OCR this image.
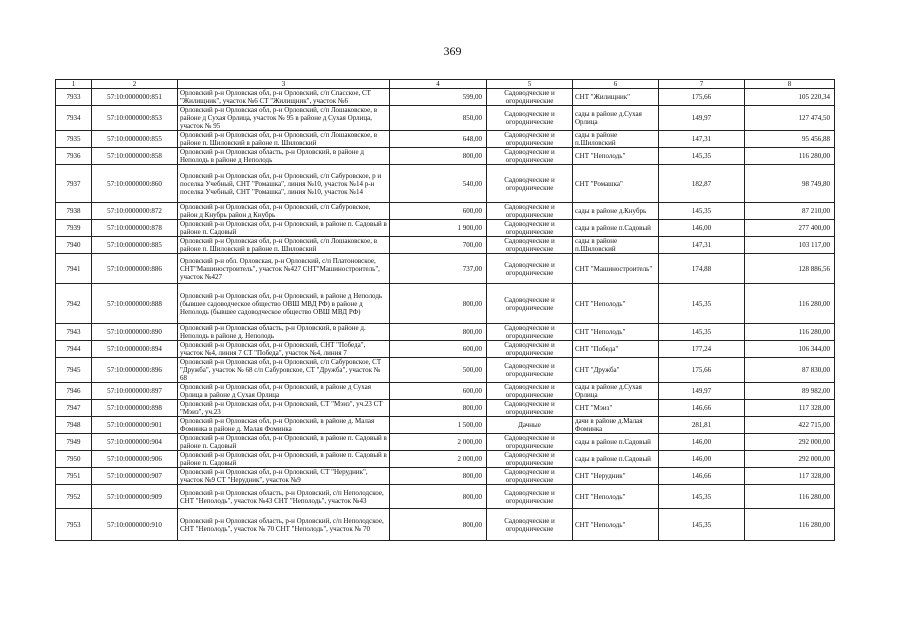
369
1	2	3	4	5	6	7	8
7933	57:10:0000000:851	Орловский р-н Орловская обл, р-н Орловский, с/п Спасское, СТ "Жилищник", участок №6 СТ "Жилищник", участок №6	599,00	Садоводческие и огороднические	СНТ "Жилищник"	175,66	105 220,34
7934	57:10:0000000:853	Орловский р-н Орловская обл, р-н Орловский, с/п Лошаковское, в районе д Сухая Орлица, участок № 95 в районе д Сухая Орлица, участок № 95	850,00	Садоводческие и огороднические	сады в районе д.Сухая Орлица	149,97	127 474,50
7935	57:10:0000000:855	Орловский р-н Орловская обл, р-н Орловский, с/п Лошаковское, в районе п. Шиловский в районе п. Шиловский	648,00	Садоводческие и огороднические	сады в районе п.Шиловский	147,31	95 456,88
7936	57:10:0000000:858	Орловский р-н Орловская область, р-н Орловский, в районе д Неполодь в районе д Неполодь	800,00	Садоводческие и огороднические	СНТ "Неполодь"	145,35	116 280,00
7937	57:10:0000000:860	Орловский р-н Орловская обл, р-н Орловский, с/п Сабуровское, р и поселка Учебный, СНТ "Ромашка", линия №10, участок №14 р-н поселка Учебный, СНТ "Ромашка", линия №10, участок №14	540,00	Садоводческие и огороднические	СНТ "Ромашка"	182,87	98 749,80
7938	57:10:0000000:872	Орловский р-н Орловская обл, р-н Орловский, с/п Сабуровское, район д Кнубрь район д Кнубрь	600,00	Садоводческие и огороднические	сады в районе д.Кнубрь	145,35	87 210,00
7939	57:10:0000000:878	Орловский р-н Орловская обл, р-н Орловский, в районе п. Садовый в районе п. Садовый	1 900,00	Садоводческие и огороднические	сады в районе п.Садовый	146,00	277 400,00
7940	57:10:0000000:885	Орловский р-н Орловская обл, р-н Орловский, с/п Лошаковское, в районе п. Шиловский в районе п. Шиловский	700,00	Садоводческие и огороднические	сады в районе п.Шиловский	147,31	103 117,00
7941	57:10:0000000:886	Орловский р-н обл. Орловская, р-н Орловский, с/п Платоновское, СНТ"Машиностроитель", участок №427 СНТ"Машиностроитель", участок №427	737,00	Садоводческие и огороднические	СНТ "Машиностроитель"	174,88	128 886,56
7942	57:10:0000000:888	Орловский р-н Орловская обл, р-н Орловский, в районе д Неполодь (бывшее садоводческое общество ОВШ МВД РФ) в районе д Неполодь (бывшее садоводческое общество ОВШ МВД РФ)	800,00	Садоводческие и огороднические	СНТ "Неполодь"	145,35	116 280,00
7943	57:10:0000000:890	Орловский р-н Орловская область, р-н Орловский, в районе д. Неполодь в районе д. Неполодь	800,00	Садоводческие и огороднические	СНТ "Неполодь"	145,35	116 280,00
7944	57:10:0000000:894	Орловский р-н Орловская обл, р-н Орловский, СНТ "Победа", участок №4, линия 7 СТ "Победа", участок №4, линия 7	600,00	Садоводческие и огороднические	СНТ "Победа"	177,24	106 344,00
7945	57:10:0000000:896	Орловский р-н Орловская обл, р-н Орловский, с/п Сабуровское, СТ "Дружба", участок № 68 с/п Сабуровское, СТ "Дружба", участок № 68	500,00	Садоводческие и огороднические	СНТ "Дружба"	175,66	87 830,00
7946	57:10:0000000:897	Орловский р-н Орловская обл, р-н Орловский, в районе д Сухая Орлица в районе д Сухая Орлица	600,00	Садоводческие и огороднические	сады в районе д.Сухая Орлица	149,97	89 982,00
7947	57:10:0000000:898	Орловский р-н Орловская обл, р-н Орловский, СТ "Мэиз", уч.23 СТ "Мэиз", уч.23	800,00	Садоводческие и огороднические	СНТ "Мэиз"	146,66	117 328,00
7948	57:10:0000000:901	Орловский р-н Орловская обл, р-н Орловский, в районе д. Малая Фоминка в районе д. Малая Фоминка	1 500,00	Дачные	дачи в районе д.Малая Фоминка	281,81	422 715,00
7949	57:10:0000000:904	Орловский р-н Орловская обл, р-н Орловский, в районе п. Садовый в районе п. Садовый	2 000,00	Садоводческие и огороднические	сады в районе п.Садовый	146,00	292 000,00
7950	57:10:0000000:906	Орловский р-н Орловская обл, р-н Орловский, в районе п. Садовый в районе п. Садовый	2 000,00	Садоводческие и огороднические	сады в районе п.Садовый	146,00	292 000,00
7951	57:10:0000000:907	Орловский р-н Орловская обл, р-н Орловский, СТ "Нерудник", участок №9 СТ "Нерудник", участок №9	800,00	Садоводческие и огороднические	СНТ "Нерудник"	146,66	117 328,00
7952	57:10:0000000:909	Орловский р-н Орловская область, р-н Орловский, с/п Неполодское, СНТ "Неполодь", участок №43 СНТ "Неполодь", участок №43	800,00	Садоводческие и огороднические	СНТ "Неполодь"	145,35	116 280,00
7953	57:10:0000000:910	Орловский р-н Орловская область, р-н Орловский, с/п Неполодское, СНТ "Неполодь", участок № 70 СНТ "Неполодь", участок № 70	800,00	Садоводческие и огороднические	СНТ "Неполодь"	145,35	116 280,00
